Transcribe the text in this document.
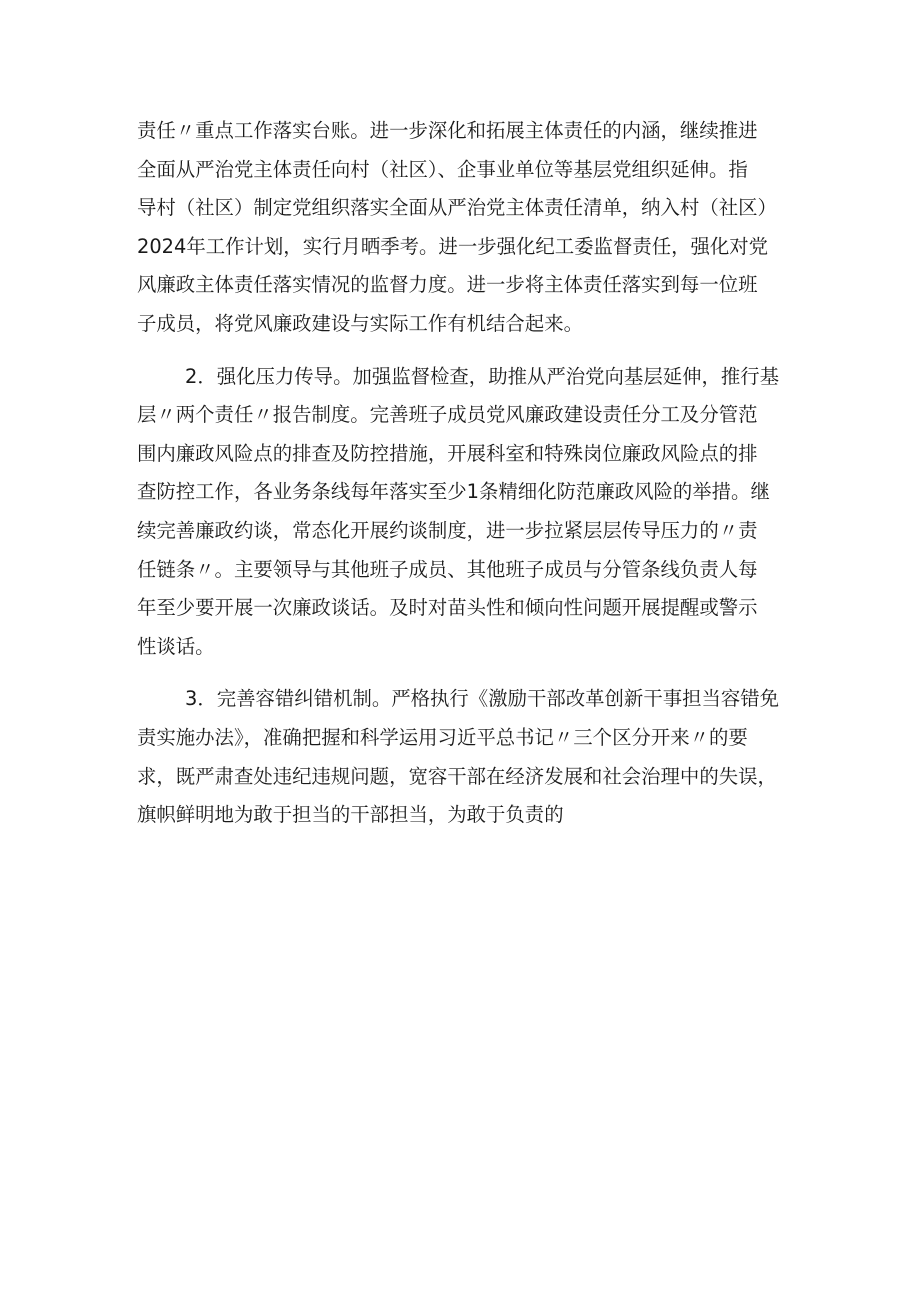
责任〃重点工作落实台账。进一步深化和拓展主体责任的内涵，继续推进
全面从严治党主体责任向村（社区）、企事业单位等基层党组织延伸。指
导村（社区）制定党组织落实全面从严治党主体责任清单，纳入村（社区）
2024年工作计划，实行月晒季考。进一步强化纪工委监督责任，强化对党
风廉政主体责任落实情况的监督力度。进一步将主体责任落实到每一位班
子成员，将党风廉政建设与实际工作有机结合起来。

2．强化压力传导。加强监督检查，助推从严治党向基层延伸，推行基
层〃两个责任〃报告制度。完善班子成员党风廉政建设责任分工及分管范
围内廉政风险点的排查及防控措施，开展科室和特殊岗位廉政风险点的排
查防控工作，各业务条线每年落实至少1条精细化防范廉政风险的举措。继
续完善廉政约谈，常态化开展约谈制度，进一步拉紧层层传导压力的〃责
任链条〃。主要领导与其他班子成员、其他班子成员与分管条线负责人每
年至少要开展一次廉政谈话。及时对苗头性和倾向性问题开展提醒或警示
性谈话。

3．完善容错纠错机制。严格执行《激励干部改革创新干事担当容错免
责实施办法》，准确把握和科学运用习近平总书记〃三个区分开来〃的要
求，既严肃查处违纪违规问题，宽容干部在经济发展和社会治理中的失误，
旗帜鲜明地为敢于担当的干部担当，为敢于负责的
